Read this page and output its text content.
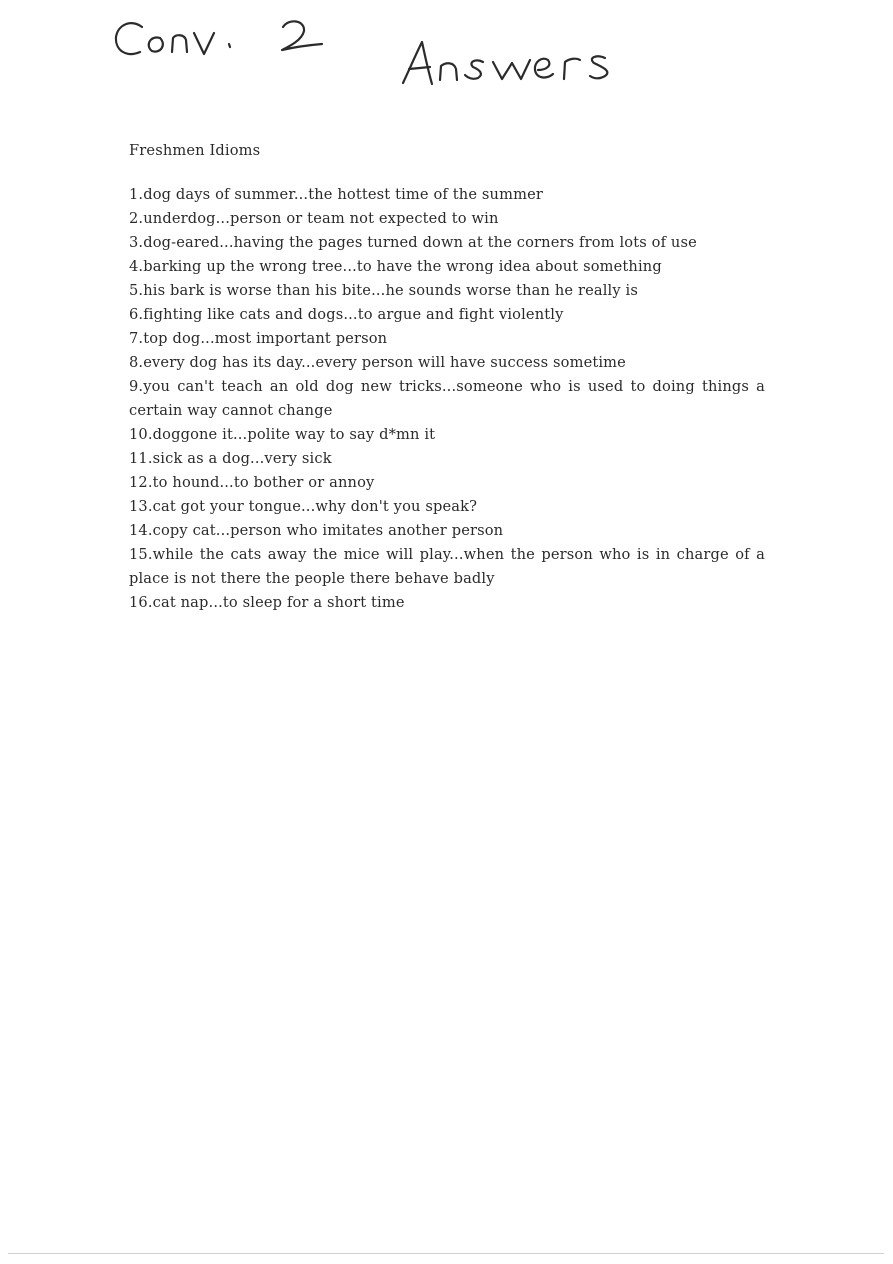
Freshmen Idioms
1.dog days of summer...the hottest time of the summer
2.underdog...person or team not expected to win
3.dog-eared...having the pages turned down at the corners from lots of use
4.barking up the wrong tree...to have the wrong idea about something
5.his bark is worse than his bite...he sounds worse than he really is
6.fighting like cats and dogs...to argue and fight violently
7.top dog...most important person
8.every dog has its day...every person will have success sometime
9.you can't teach an old dog new tricks...someone who is used to doing things a certain way cannot change
10.doggone it...polite way to say d*mn it
11.sick as a dog...very sick
12.to hound...to bother or annoy
13.cat got your tongue...why don't you speak?
14.copy cat...person who imitates another person
15.while the cats away the mice will play...when the person who is in charge of a place is not there the people there behave badly
16.cat nap...to sleep for a short time
